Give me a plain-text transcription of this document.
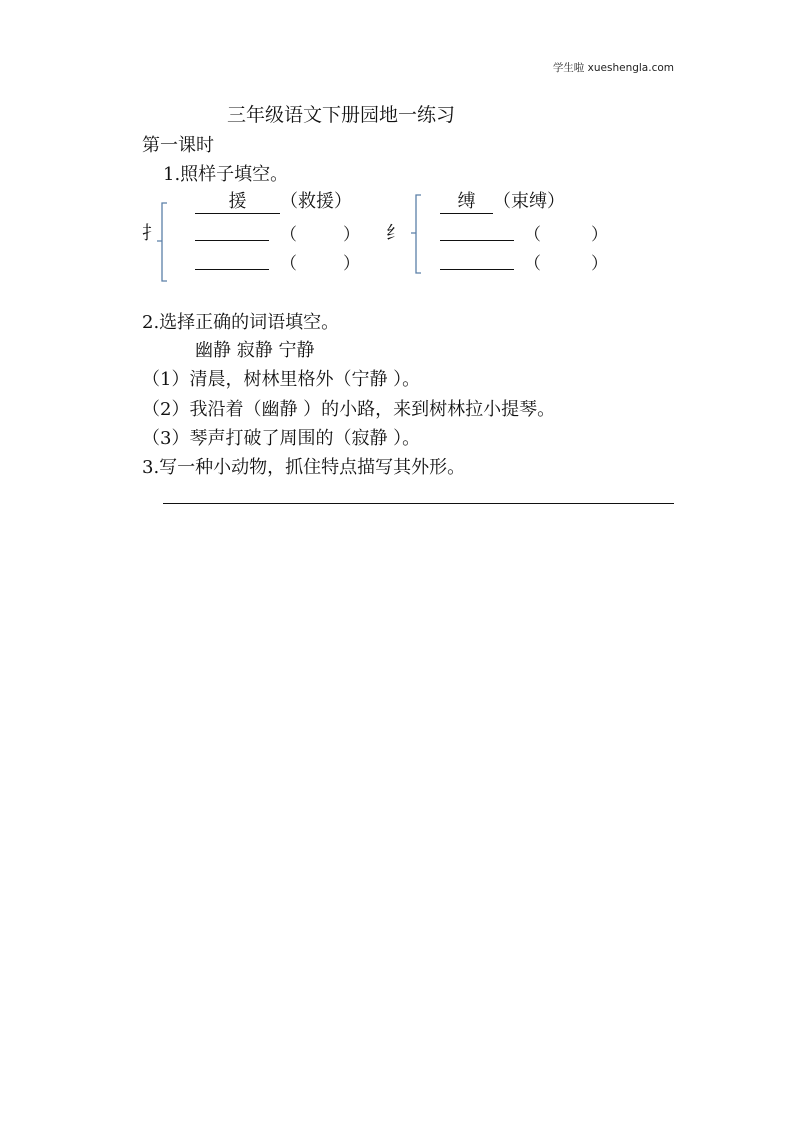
学生啦 xueshengla.com
三年级语文下册园地一练习
第一课时
1.照样子填空。
扌
援 （救援）
（	）
（	）
纟
缚 （束缚）
（	）
（	）
2.选择正确的词语填空。
幽静 寂静 宁静
（1）清晨，树林里格外（宁静 ）。
（2）我沿着（幽静 ）的小路，来到树林拉小提琴。
（3）琴声打破了周围的（寂静 ）。
3.写一种小动物，抓住特点描写其外形。
